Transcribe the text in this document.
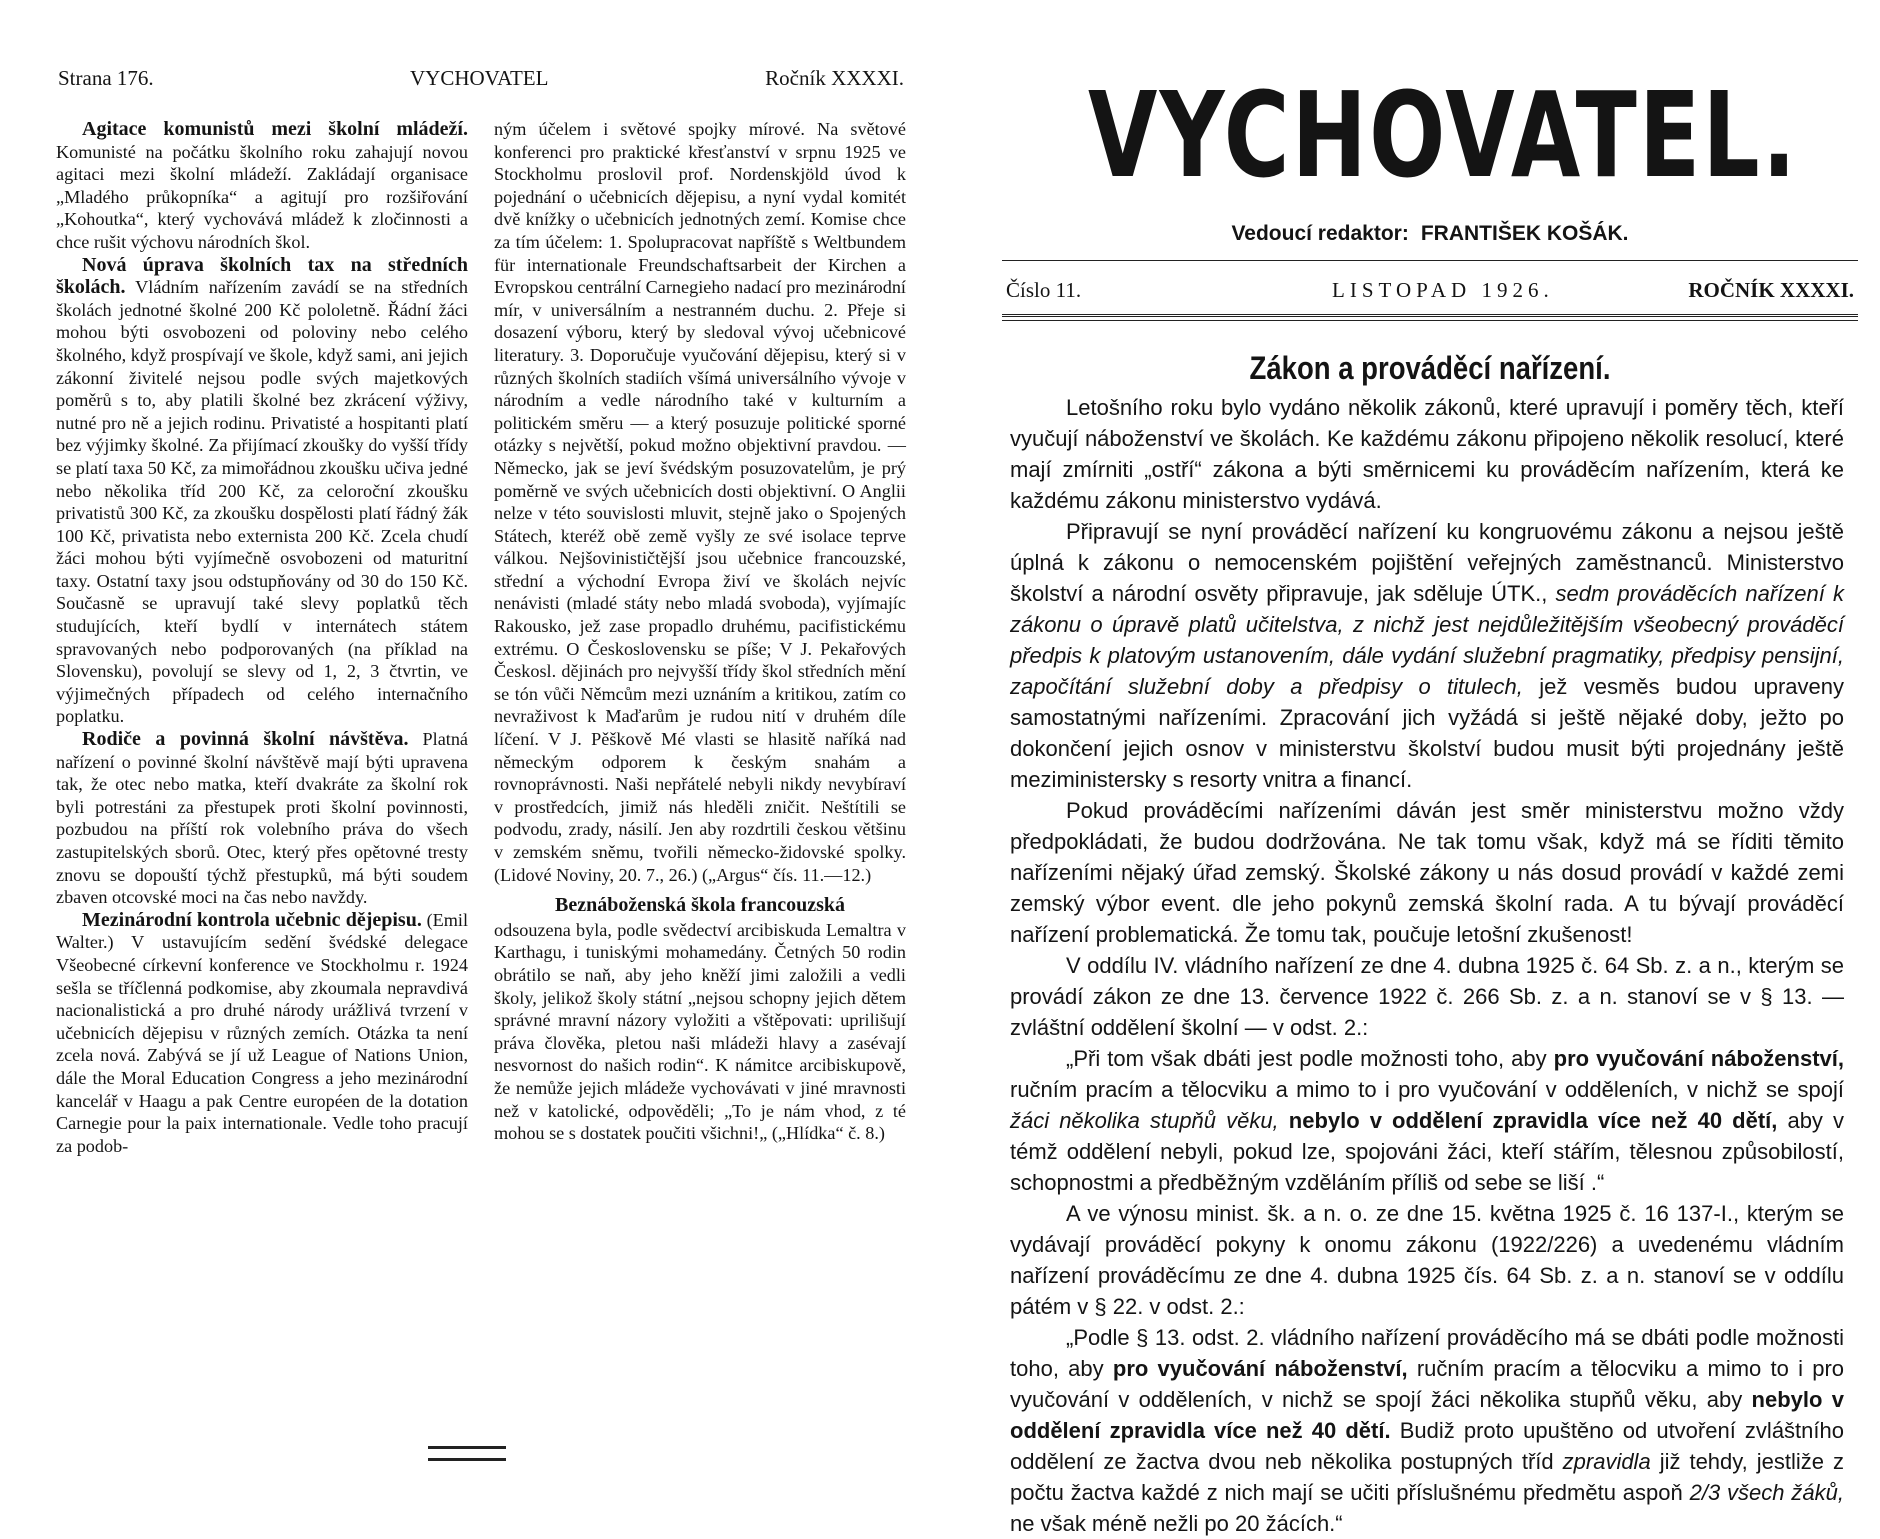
Strana 176.	VYCHOVATEL	Ročník XXXXI.

Agitace komunistů mezi školní mládeží. Komunisté na počátku školního roku zahajují novou agitaci mezi školní mládeží. Zakládají organisace „Mladého průkopníka“ a agitují pro rozšiřování „Kohoutka“, který vychovává mládež k zločinnosti a chce rušit výchovu národních škol.

Nová úprava školních tax na středních školách. Vládním nařízením zavádí se na středních školách jednotné školné 200 Kč pololetně. Řádní žáci mohou býti osvobozeni od poloviny nebo celého školného, když prospívají ve škole, když sami, ani jejich zákonní živitelé nejsou podle svých majetkových poměrů s to, aby platili školné bez zkrácení výživy, nutné pro ně a jejich rodinu. Privatisté a hospitanti platí bez výjimky školné. Za přijímací zkoušky do vyšší třídy se platí taxa 50 Kč, za mimořádnou zkoušku učiva jedné nebo několika tříd 200 Kč, za celoroční zkoušku privatistů 300 Kč, za zkoušku dospělosti platí řádný žák 100 Kč, privatista nebo externista 200 Kč. Zcela chudí žáci mohou býti vyjímečně osvobozeni od maturitní taxy. Ostatní taxy jsou odstupňovány od 30 do 150 Kč. Současně se upravují také slevy poplatků těch studujících, kteří bydlí v internátech státem spravovaných nebo podporovaných (na příklad na Slovensku), povolují se slevy od 1, 2, 3 čtvrtin, ve výjimečných případech od celého internačního poplatku.

Rodiče a povinná školní návštěva. Platná nařízení o povinné školní návštěvě mají býti upravena tak, že otec nebo matka, kteří dvakráte za školní rok byli potrestáni za přestupek proti školní povinnosti, pozbudou na příští rok volebního práva do všech zastupitelských sborů. Otec, který přes opětovné tresty znovu se dopouští týchž přestupků, má býti soudem zbaven otcovské moci na čas nebo navždy.

Mezinárodní kontrola učebnic dějepisu. (Emil Walter.) V ustavujícím sedění švédské delegace Všeobecné církevní konference ve Stockholmu r. 1924 sešla se tříčlenná podkomise, aby zkoumala nepravdivá nacionalistická a pro druhé národy urážlivá tvrzení v učebnicích dějepisu v různých zemích. Otázka ta není zcela nová. Zabývá se jí už League of Nations Union, dále the Moral Education Congress a jeho mezinárodní kancelář v Haagu a pak Centre européen de la dotation Carnegie pour la paix internationale. Vedle toho pracují za podob-

ným účelem i světové spojky mírové. Na světové konferenci pro praktické křesťanství v srpnu 1925 ve Stockholmu proslovil prof. Nordenskjöld úvod k pojednání o učebnicích dějepisu, a nyní vydal komitét dvě knížky o učebnicích jednotných zemí. Komise chce za tím účelem: 1. Spolupracovat napříště s Weltbundem für internationale Freundschaftsarbeit der Kirchen a Evropskou centrální Carnegieho nadací pro mezinárodní mír, v universálním a nestranném duchu. 2. Přeje si dosazení výboru, který by sledoval vývoj učebnicové literatury. 3. Doporučuje vyučování dějepisu, který si v různých školních stadiích všímá universálního vývoje v národním a vedle národního také v kulturním a politickém směru — a který posuzuje politické sporné otázky s největší, pokud možno objektivní pravdou. — Německo, jak se jeví švédským posuzovatelům, je prý poměrně ve svých učebnicích dosti objektivní. O Anglii nelze v této souvislosti mluvit, stejně jako o Spojených Státech, kteréž obě země vyšly ze své isolace teprve válkou. Nejšovinističtější jsou učebnice francouzské, střední a východní Evropa živí ve školách nejvíc nenávisti (mladé státy nebo mladá svoboda), vyjímajíc Rakousko, jež zase propadlo druhému, pacifistickému extrému. O Československu se píše; V J. Pekařových Českosl. dějinách pro nejvyšší třídy škol středních mění se tón vůči Němcům mezi uznáním a kritikou, zatím co nevraživost k Maďarům je rudou nití v druhém díle líčení. V J. Pěškově Mé vlasti se hlasitě naříká nad německým odporem k českým snahám a rovnoprávnosti. Naši nepřátelé nebyli nikdy nevybíraví v prostředcích, jimiž nás hleděli zničit. Neštítili se podvodu, zrady, násilí. Jen aby rozdrtili českou většinu v zemském sněmu, tvořili německo-židovské spolky. (Lidové Noviny, 20. 7., 26.) („Argus“ čís. 11.—12.)

Beznáboženská škola francouzská

odsouzena byla, podle svědectví arcibiskuda Lemaltra v Karthagu, i tuniskými mohamedány. Četných 50 rodin obrátilo se naň, aby jeho kněží jimi založili a vedli školy, jelikož školy státní „nejsou schopny jejich dětem správné mravní názory vyložiti a vštěpovati: uprilišují práva člověka, pletou naši mládeži hlavy a zasévají nesvornost do našich rodin“. K námitce arcibiskupově, že nemůže jejich mládeže vychovávati v jiné mravnosti než v katolické, odpověděli; „To je nám vhod, z té mohou se s dostatek poučiti všichni!„ („Hlídka“ č. 8.)

VYCHOVATEL.
Vedoucí redaktor: FRANTIŠEK KOŠÁK.
Číslo 11.	LISTOPAD 1926.	ROČNÍK XXXXI.
Zákon a prováděcí nařízení.

Letošního roku bylo vydáno několik zákonů, které upravují i poměry těch, kteří vyučují náboženství ve školách. Ke každému zákonu připojeno několik resolucí, které mají zmírniti „ostří“ zákona a býti směrnicemi ku prováděcím nařízením, která ke každému zákonu ministerstvo vydává.

Připravují se nyní prováděcí nařízení ku kongruovému zákonu a nejsou ještě úplná k zákonu o nemocenském pojištění veřejných zaměstnanců. Ministerstvo školství a národní osvěty připravuje, jak sděluje ÚTK., sedm prováděcích nařízení k zákonu o úpravě platů učitelstva, z nichž jest nejdůležitějším všeobecný prováděcí předpis k platovým ustanovením, dále vydání služební pragmatiky, předpisy pensijní, započítání služební doby a předpisy o titulech, jež vesměs budou upraveny samostatnými nařízeními. Zpracování jich vyžádá si ještě nějaké doby, ježto po dokončení jejich osnov v ministerstvu školství budou musit býti projednány ještě meziministersky s resorty vnitra a financí.

Pokud prováděcími nařízeními dáván jest směr ministerstvu možno vždy předpokládati, že budou dodržována. Ne tak tomu však, když má se říditi těmito nařízeními nějaký úřad zemský. Školské zákony u nás dosud provádí v každé zemi zemský výbor event. dle jeho pokynů zemská školní rada. A tu bývají prováděcí nařízení problematická. Že tomu tak, poučuje letošní zkušenost!

V oddílu IV. vládního nařízení ze dne 4. dubna 1925 č. 64 Sb. z. a n., kterým se provádí zákon ze dne 13. července 1922 č. 266 Sb. z. a n. stanoví se v § 13. — zvláštní oddělení školní — v odst. 2.:

„Při tom však dbáti jest podle možnosti toho, aby pro vyučování náboženství, ručním pracím a tělocviku a mimo to i pro vyučování v odděleních, v nichž se spojí žáci několika stupňů věku, nebylo v oddělení zpravidla více než 40 dětí, aby v témž oddělení nebyli, pokud lze, spojováni žáci, kteří stářím, tělesnou způsobilostí, schopnostmi a předběžným vzděláním příliš od sebe se liší .“

A ve výnosu minist. šk. a n. o. ze dne 15. května 1925 č. 16 137-I., kterým se vydávají prováděcí pokyny k onomu zákonu (1922/226) a uvedenému vládním nařízení prováděcímu ze dne 4. dubna 1925 čís. 64 Sb. z. a n. stanoví se v oddílu pátém v § 22. v odst. 2.:

„Podle § 13. odst. 2. vládního nařízení prováděcího má se dbáti podle možnosti toho, aby pro vyučování náboženství, ručním pracím a tělocviku a mimo to i pro vyučování v odděleních, v nichž se spojí žáci několika stupňů věku, aby nebylo v oddělení zpravidla více než 40 dětí. Budiž proto upuštěno od utvoření zvláštního oddělení ze žactva dvou neb několika postupných tříd zpravidla již tehdy, jestliže z počtu žactva každé z nich mají se učiti příslušnému předmětu aspoň 2/3 všech žáků, ne však méně nežli po 20 žácích.“
